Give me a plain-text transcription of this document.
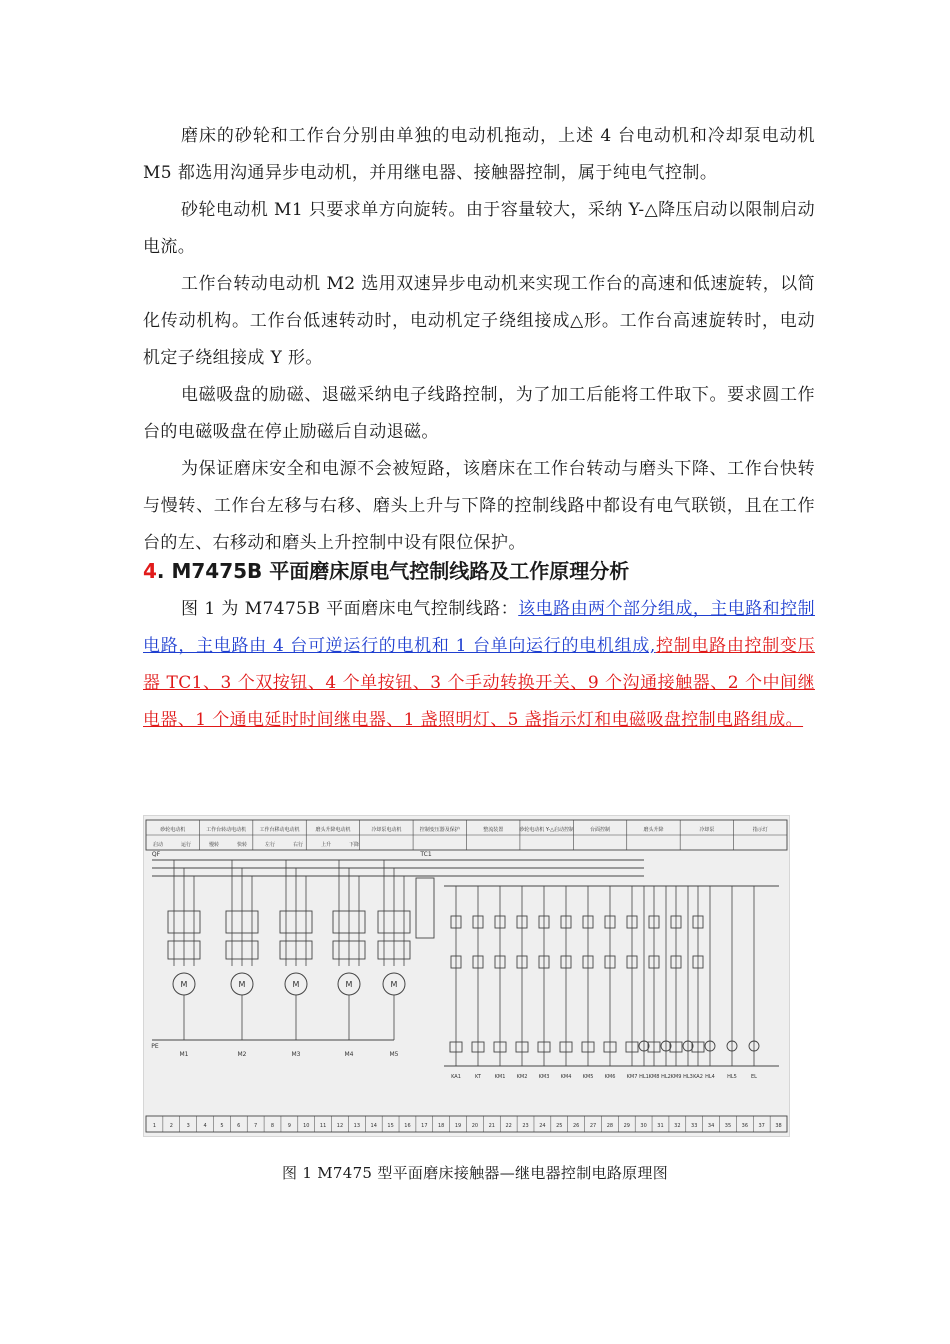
磨床的砂轮和工作台分别由单独的电动机拖动，上述 4 台电动机和冷却泵电动机 M5 都选用沟通异步电动机，并用继电器、接触器控制，属于纯电气控制。

砂轮电动机 M1 只要求单方向旋转。由于容量较大，采纳 Y-△降压启动以限制启动电流。

工作台转动电动机 M2 选用双速异步电动机来实现工作台的高速和低速旋转，以简化传动机构。工作台低速转动时，电动机定子绕组接成△形。工作台高速旋转时，电动机定子绕组接成 Y 形。

电磁吸盘的励磁、退磁采纳电子线路控制，为了加工后能将工件取下。要求圆工作台的电磁吸盘在停止励磁后自动退磁。

为保证磨床安全和电源不会被短路，该磨床在工作台转动与磨头下降、工作台快转与慢转、工作台左移与右移、磨头上升与下降的控制线路中都设有电气联锁，且在工作台的左、右移动和磨头上升控制中设有限位保护。

4. M7475B 平面磨床原电气控制线路及工作原理分析

图 1 为 M7475B 平面磨床电气控制线路：该电路由两个部分组成，主电路和控制电路，主电路由 4 台可逆运行的电机和 1 台单向运行的电机组成,控制电路由控制变压器 TC1、3 个双按钮、4 个单按钮、3 个手动转换开关、9 个沟通接触器、2 个中间继电器、1 个通电延时时间继电器、1 盏照明灯、5 盏指示灯和电磁吸盘控制电路组成。

砂轮电动机	工作台转动电动机	工作台移动电动机	磨头升降电动机	冷却泵电动机	控制变压器及保护	整流装置	砂轮电动机 Y-△启动控制	台面控制	磨头升降	冷却泵	指示灯
启动	运行	慢转	快转	左行	右行	上升	下降
QF
PE
M
M1
M
M2
M
M3
M
M4
M
M5
TC1
KA1	KT	KM1 KM2 KM3 KM4 KM5 KM6 KM7 KM8 KM9 KA2
HL1 HL2 HL3 HL4 HL5	EL
1	2	3	4	5	6	7	8	9 10 11 12 13 14 15 16 17 18 19 20 21 22 23 24 25 26 27 28 29 30 31 32 33 34 35 36 37 38

图 1 M7475 型平面磨床接触器—继电器控制电路原理图
